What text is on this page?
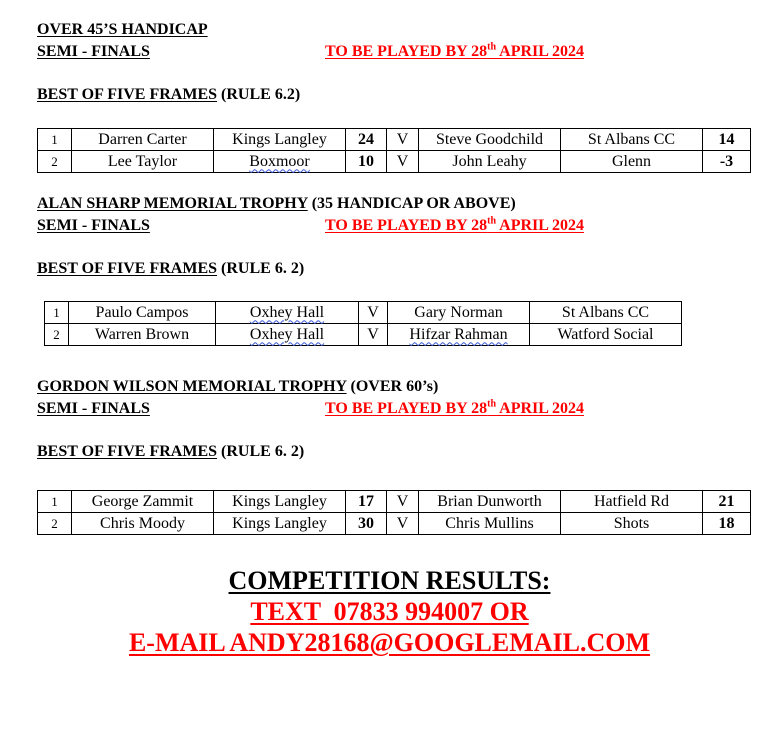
OVER 45’S HANDICAP
SEMI - FINALS	TO BE PLAYED BY 28th APRIL 2024
BEST OF FIVE FRAMES (RULE 6.2)
1	Darren Carter	Kings Langley	24	V	Steve Goodchild	St Albans CC	14
2	Lee Taylor	Boxmoor	10	V	John Leahy	Glenn	-3
ALAN SHARP MEMORIAL TROPHY (35 HANDICAP OR ABOVE)
SEMI - FINALS	TO BE PLAYED BY 28th APRIL 2024
BEST OF FIVE FRAMES (RULE 6. 2)
1	Paulo Campos	Oxhey Hall	V	Gary Norman	St Albans CC
2	Warren Brown	Oxhey Hall	V	Hifzar Rahman	Watford Social
GORDON WILSON MEMORIAL TROPHY (OVER 60’s)
SEMI - FINALS	TO BE PLAYED BY 28th APRIL 2024
BEST OF FIVE FRAMES (RULE 6. 2)
1	George Zammit	Kings Langley	17	V	Brian Dunworth	Hatfield Rd	21
2	Chris Moody	Kings Langley	30	V	Chris Mullins	Shots	18
COMPETITION RESULTS:
TEXT  07833 994007 OR
E-MAIL ANDY28168@GOOGLEMAIL.COM
